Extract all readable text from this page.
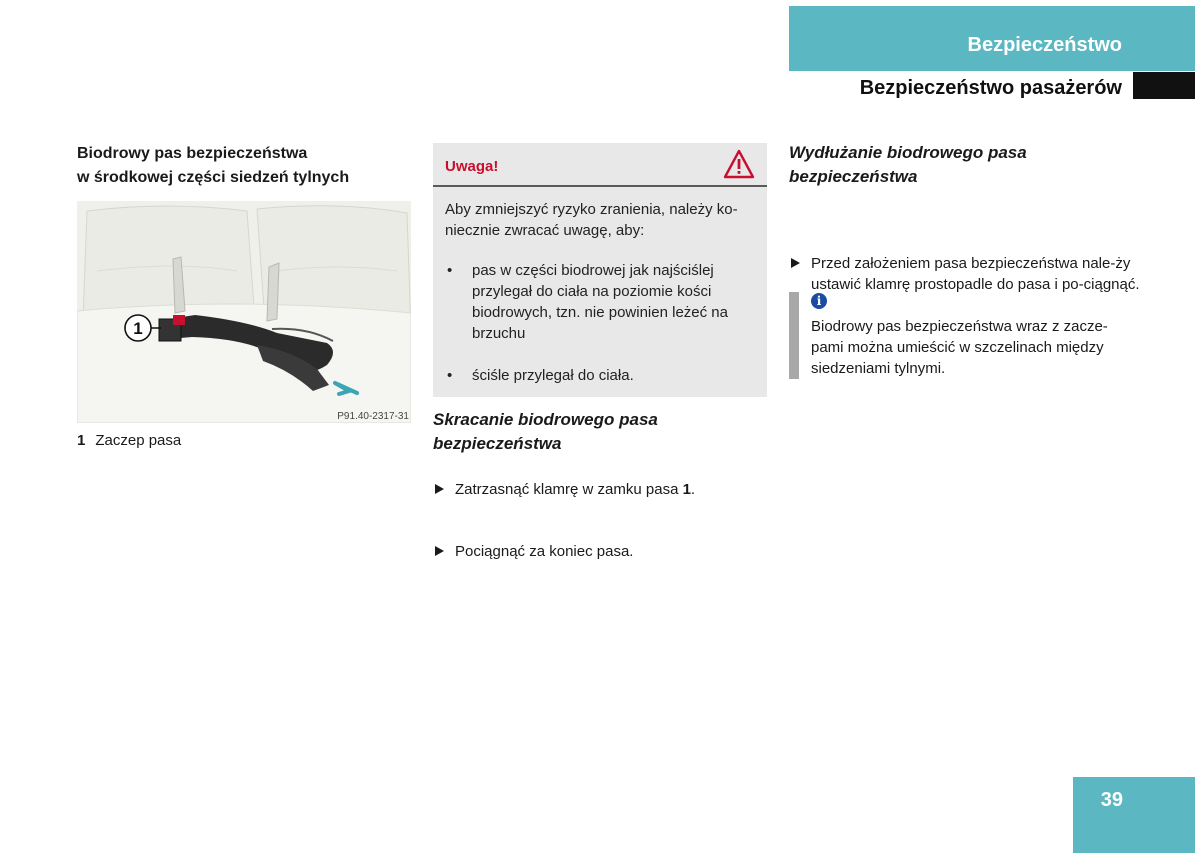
Bezpieczeństwo
Bezpieczeństwo pasażerów
Biodrowy pas bezpieczeństwa
w środkowej części siedzeń tylnych
1
P91.40-2317-31
1 Zaczep pasa
Uwaga!
Aby zmniejszyć ryzyko zranienia, należy ko-niecznie zwracać uwagę, aby:
• pas w części biodrowej jak najściślej przylegał do ciała na poziomie kości biodrowych, tzn. nie powinien leżeć na brzuchu
• ściśle przylegał do ciała.
Skracanie biodrowego pasa bezpieczeństwa
Zatrzasnąć klamrę w zamku pasa 1.
Pociągnąć za koniec pasa.
Wydłużanie biodrowego pasa bezpieczeństwa
Przed założeniem pasa bezpieczeństwa nale-ży ustawić klamrę prostopadle do pasa i po-ciągnąć.
i
Biodrowy pas bezpieczeństwa wraz z zacze-pami można umieścić w szczelinach między siedzeniami tylnymi.
39
